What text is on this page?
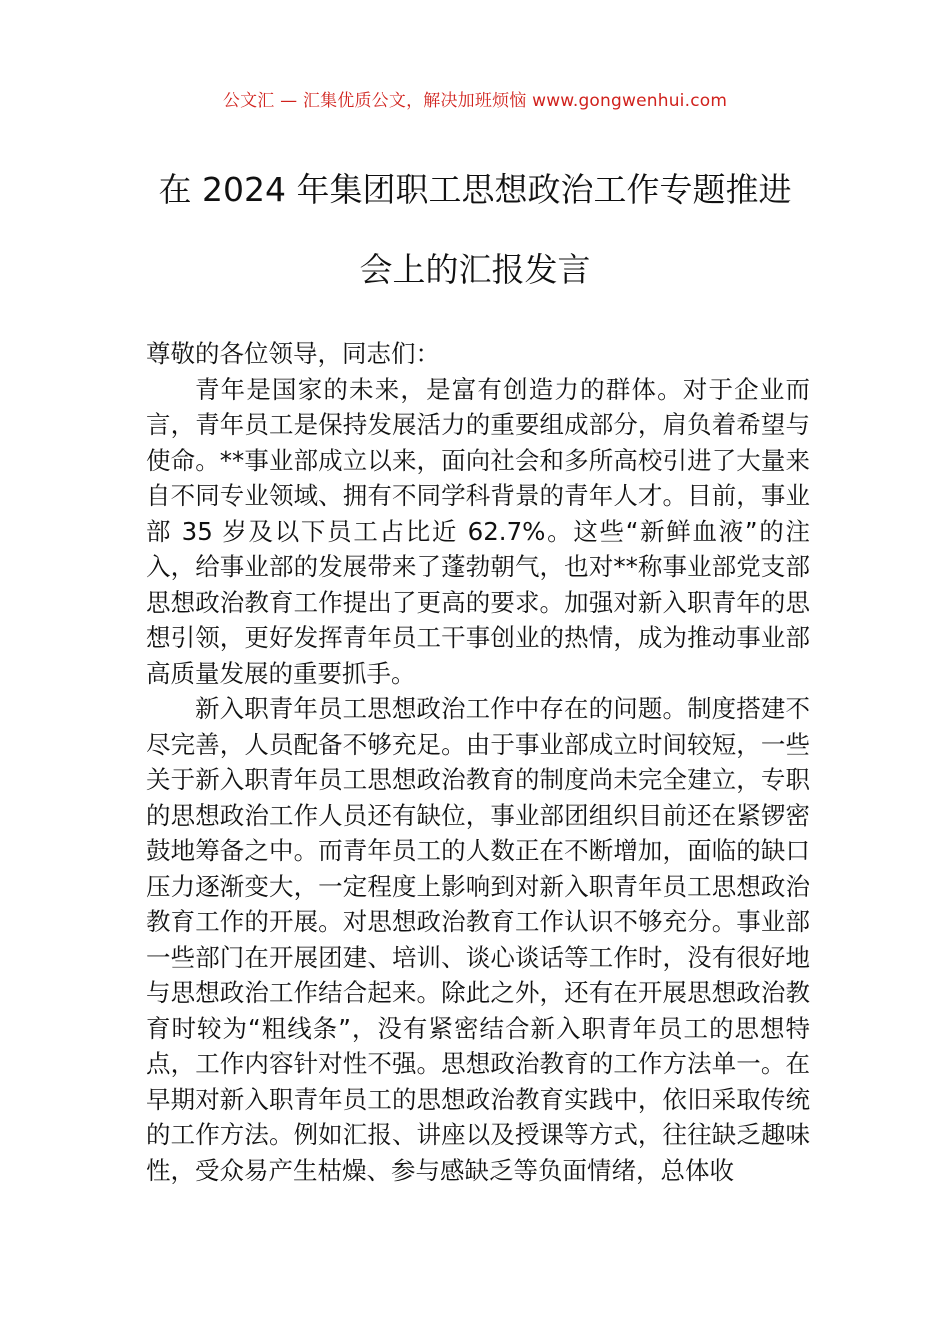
公文汇 — 汇集优质公文，解决加班烦恼 www.gongwenhui.com
在 2024 年集团职工思想政治工作专题推进
会上的汇报发言

尊敬的各位领导，同志们：

青年是国家的未来，是富有创造力的群体。对于企业而言，青年员工是保持发展活力的重要组成部分，肩负着希望与使命。**事业部成立以来，面向社会和多所高校引进了大量来自不同专业领域、拥有不同学科背景的青年人才。目前，事业部 35 岁及以下员工占比近 62.7%。这些“新鲜血液”的注入，给事业部的发展带来了蓬勃朝气，也对**称事业部党支部思想政治教育工作提出了更高的要求。加强对新入职青年的思想引领，更好发挥青年员工干事创业的热情，成为推动事业部高质量发展的重要抓手。

新入职青年员工思想政治工作中存在的问题。制度搭建不尽完善，人员配备不够充足。由于事业部成立时间较短，一些关于新入职青年员工思想政治教育的制度尚未完全建立，专职的思想政治工作人员还有缺位，事业部团组织目前还在紧锣密鼓地筹备之中。而青年员工的人数正在不断增加，面临的缺口压力逐渐变大，一定程度上影响到对新入职青年员工思想政治教育工作的开展。对思想政治教育工作认识不够充分。事业部一些部门在开展团建、培训、谈心谈话等工作时，没有很好地与思想政治工作结合起来。除此之外，还有在开展思想政治教育时较为“粗线条”，没有紧密结合新入职青年员工的思想特点，工作内容针对性不强。思想政治教育的工作方法单一。在早期对新入职青年员工的思想政治教育实践中，依旧采取传统的工作方法。例如汇报、讲座以及授课等方式，往往缺乏趣味性，受众易产生枯燥、参与感缺乏等负面情绪，总体收
